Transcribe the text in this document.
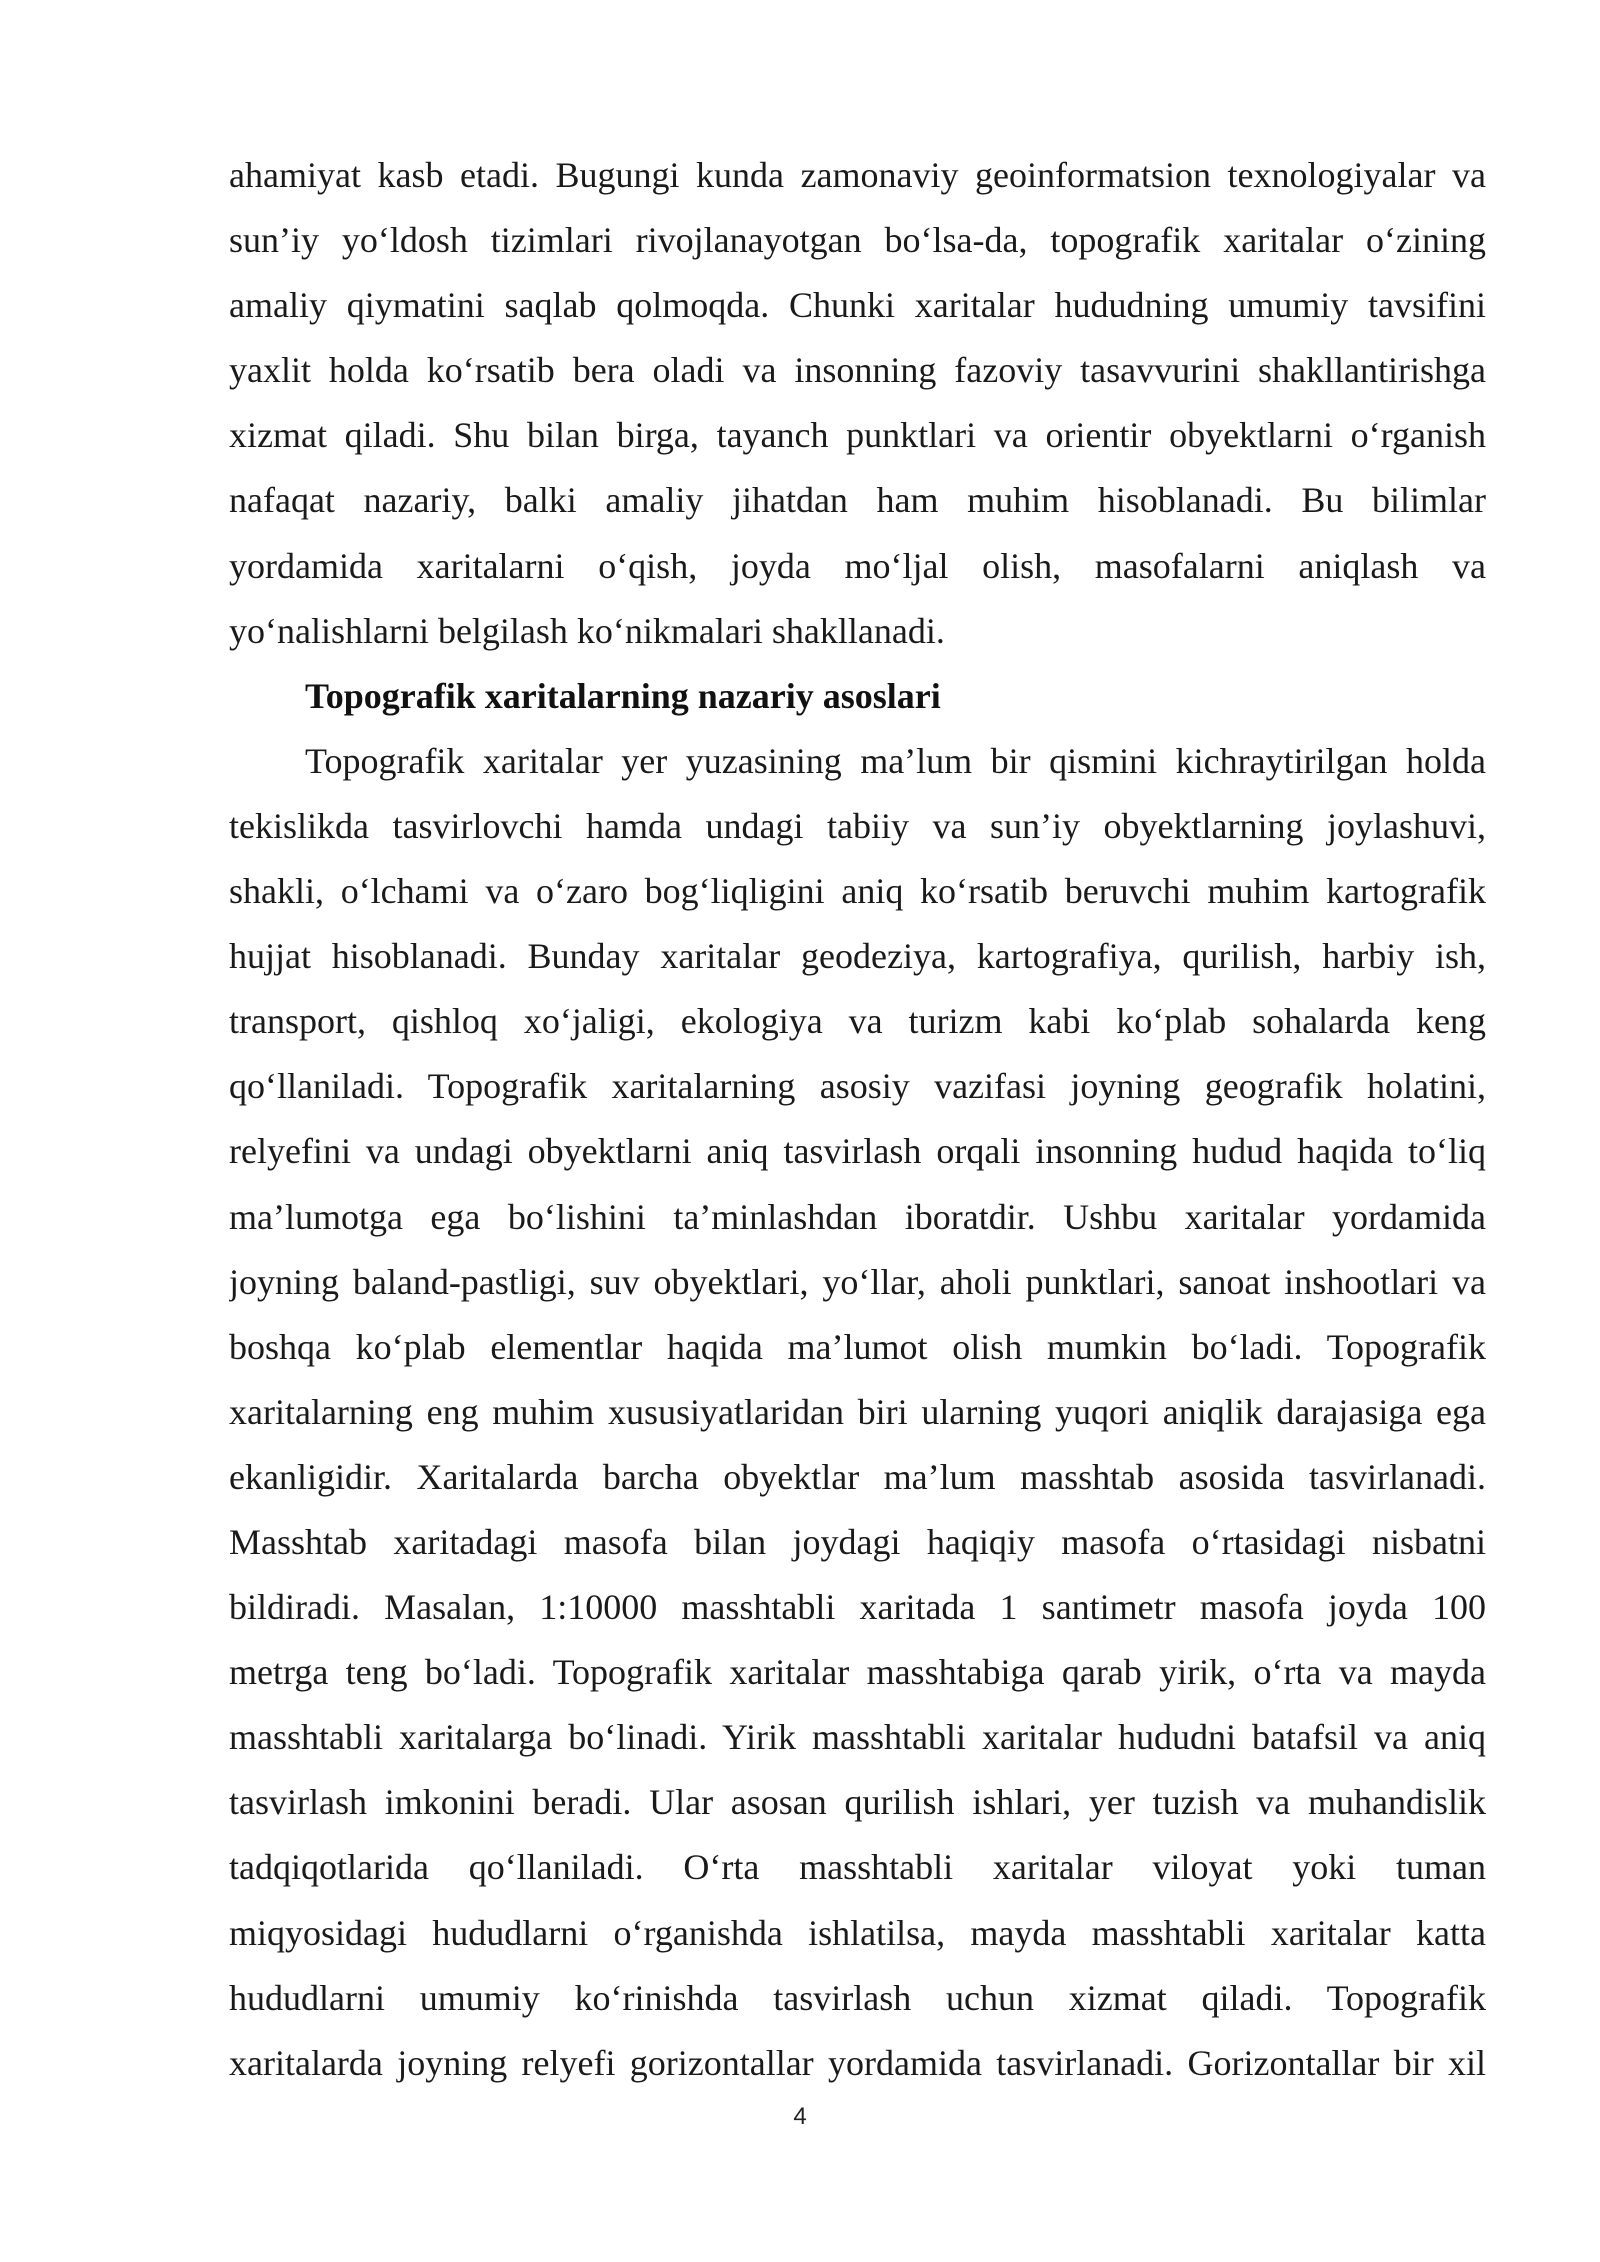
ahamiyat kasb etadi. Bugungi kunda zamonaviy geoinformatsion texnologiyalar va
sun’iy yo‘ldosh tizimlari rivojlanayotgan bo‘lsa-da, topografik xaritalar o‘zining
amaliy qiymatini saqlab qolmoqda. Chunki xaritalar hududning umumiy tavsifini
yaxlit holda ko‘rsatib bera oladi va insonning fazoviy tasavvurini shakllantirishga
xizmat qiladi. Shu bilan birga, tayanch punktlari va orientir obyektlarni o‘rganish
nafaqat nazariy, balki amaliy jihatdan ham muhim hisoblanadi. Bu bilimlar
yordamida xaritalarni o‘qish, joyda mo‘ljal olish, masofalarni aniqlash va
yo‘nalishlarni belgilash ko‘nikmalari shakllanadi.
Topografik xaritalarning nazariy asoslari
Topografik xaritalar yer yuzasining ma’lum bir qismini kichraytirilgan holda
tekislikda tasvirlovchi hamda undagi tabiiy va sun’iy obyektlarning joylashuvi,
shakli, o‘lchami va o‘zaro bog‘liqligini aniq ko‘rsatib beruvchi muhim kartografik
hujjat hisoblanadi. Bunday xaritalar geodeziya, kartografiya, qurilish, harbiy ish,
transport, qishloq xo‘jaligi, ekologiya va turizm kabi ko‘plab sohalarda keng
qo‘llaniladi. Topografik xaritalarning asosiy vazifasi joyning geografik holatini,
relyefini va undagi obyektlarni aniq tasvirlash orqali insonning hudud haqida to‘liq
ma’lumotga ega bo‘lishini ta’minlashdan iboratdir. Ushbu xaritalar yordamida
joyning baland-pastligi, suv obyektlari, yo‘llar, aholi punktlari, sanoat inshootlari va
boshqa ko‘plab elementlar haqida ma’lumot olish mumkin bo‘ladi. Topografik
xaritalarning eng muhim xususiyatlaridan biri ularning yuqori aniqlik darajasiga ega
ekanligidir. Xaritalarda barcha obyektlar ma’lum masshtab asosida tasvirlanadi.
Masshtab xaritadagi masofa bilan joydagi haqiqiy masofa o‘rtasidagi nisbatni
bildiradi. Masalan, 1:10000 masshtabli xaritada 1 santimetr masofa joyda 100
metrga teng bo‘ladi. Topografik xaritalar masshtabiga qarab yirik, o‘rta va mayda
masshtabli xaritalarga bo‘linadi. Yirik masshtabli xaritalar hududni batafsil va aniq
tasvirlash imkonini beradi. Ular asosan qurilish ishlari, yer tuzish va muhandislik
tadqiqotlarida qo‘llaniladi. O‘rta masshtabli xaritalar viloyat yoki tuman
miqyosidagi hududlarni o‘rganishda ishlatilsa, mayda masshtabli xaritalar katta
hududlarni umumiy ko‘rinishda tasvirlash uchun xizmat qiladi. Topografik
xaritalarda joyning relyefi gorizontallar yordamida tasvirlanadi. Gorizontallar bir xil
4
